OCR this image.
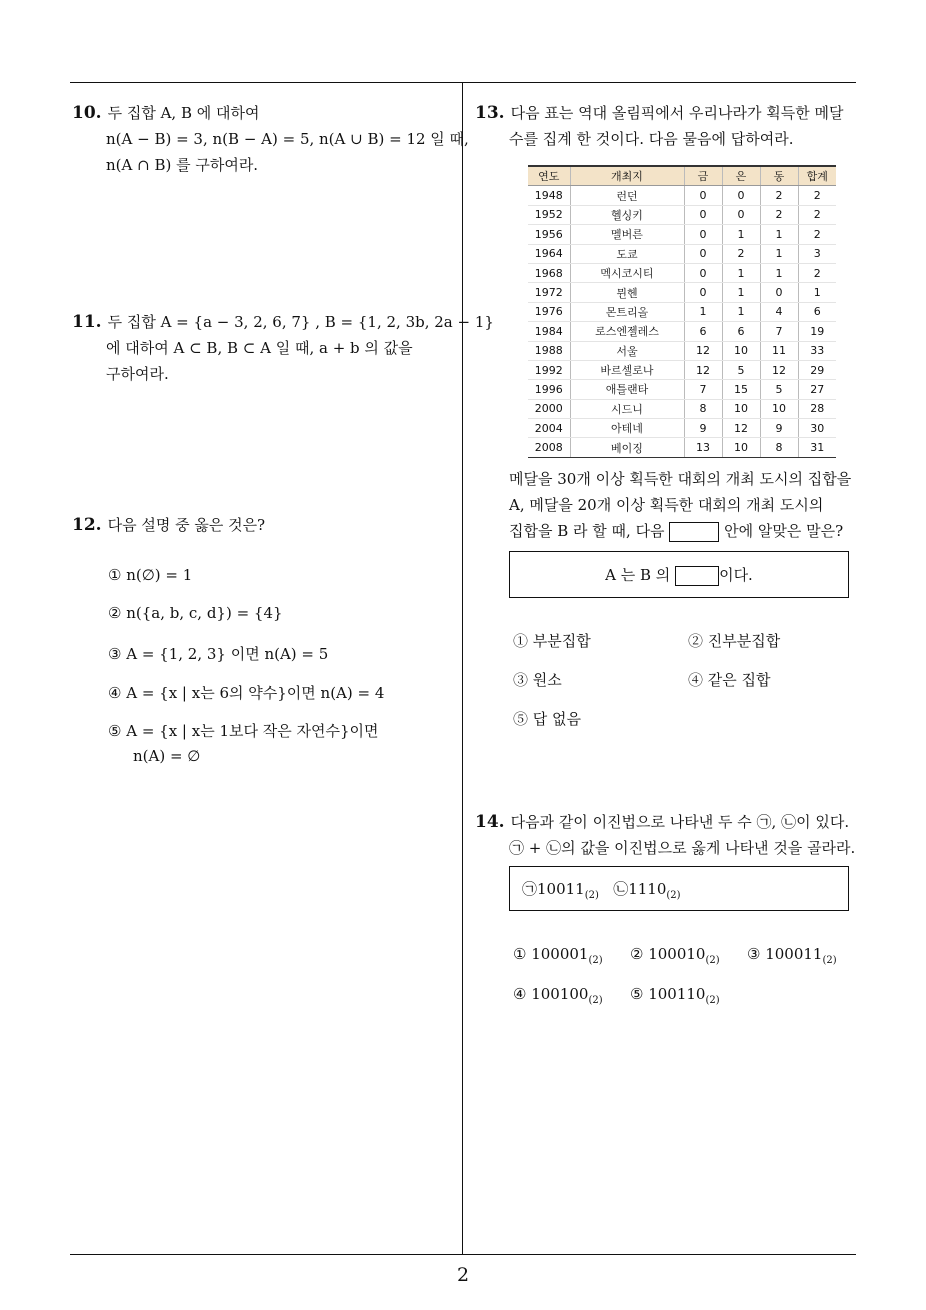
2
10. 두 집합 A, B 에 대하여
n(A − B) = 3, n(B − A) = 5, n(A ∪ B) = 12 일 때,
n(A ∩ B) 를 구하여라.
11. 두 집합 A = {a − 3, 2, 6, 7} , B = {1, 2, 3b, 2a − 1}
에 대하여 A ⊂ B, B ⊂ A 일 때, a + b 의 값을
구하여라.
12. 다음 설명 중 옳은 것은?
① n(∅) = 1
② n({a, b, c, d}) = {4}
③ A = {1, 2, 3} 이면 n(A) = 5
④ A = {x | x는 6의 약수}이면 n(A) = 4
⑤ A = {x | x는 1보다 작은 자연수}이면
n(A) = ∅
13. 다음 표는 역대 올림픽에서 우리나라가 획득한 메달
수를 집계 한 것이다. 다음 물음에 답하여라.
연도	개최지	금	은	동	합계
1948	런던	0	0	2	2
1952	헬싱키	0	0	2	2
1956	멜버른	0	1	1	2
1964	도쿄	0	2	1	3
1968	멕시코시티	0	1	1	2
1972	뮌헨	0	1	0	1
1976	몬트리올	1	1	4	6
1984	로스엔젤레스	6	6	7	19
1988	서울	12	10	11	33
1992	바르셀로나	12	5	12	29
1996	애틀랜타	7	15	5	27
2000	시드니	8	10	10	28
2004	아테네	9	12	9	30
2008	베이징	13	10	8	31
메달을 30개 이상 획득한 대회의 개최 도시의 집합을
A, 메달을 20개 이상 획득한 대회의 개최 도시의
집합을 B 라 할 때, 다음	안에 알맞은 말은?
A 는 B 의	이다.
① 부분집합	② 진부분집합
③ 원소	④ 같은 집합
⑤ 답 없음
14. 다음과 같이 이진법으로 나타낸 두 수 ㉠, ㉡이 있다.
㉠ + ㉡의 값을 이진법으로 옳게 나타낸 것을 골라라.
$㉠10011_{(2)}$ $㉡1110_{(2)}$
① $100001_{(2)}$ ② $100010_{(2)}$ ③ $100011_{(2)}$
④ $100100_{(2)}$ ⑤ $100110_{(2)}$
